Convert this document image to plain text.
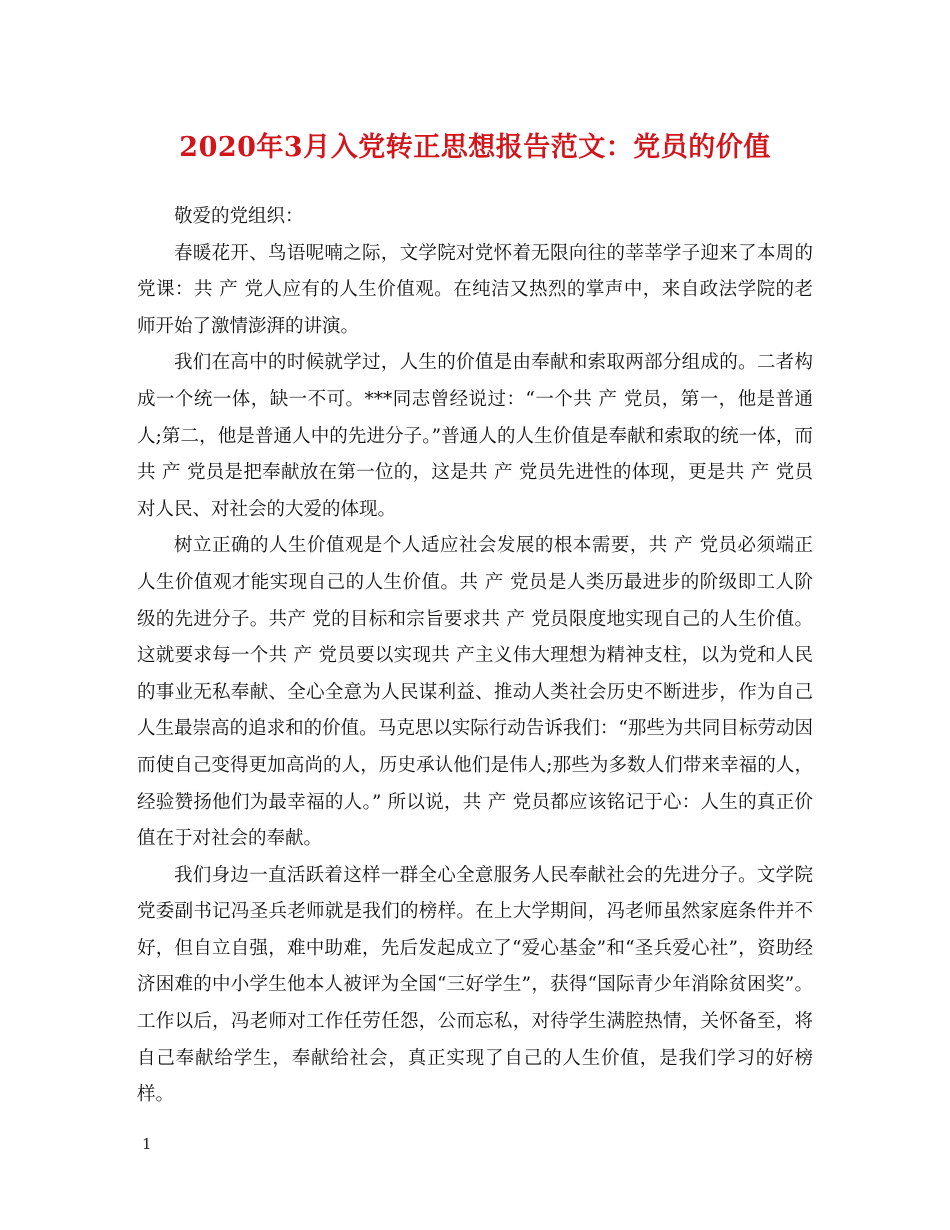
2020年3月入党转正思想报告范文：党员的价值

敬爱的党组织：

春暖花开、鸟语呢喃之际，文学院对党怀着无限向往的莘莘学子迎来了本周的党课：共 产 党人应有的人生价值观。在纯洁又热烈的掌声中，来自政法学院的老师开始了激情澎湃的讲演。

我们在高中的时候就学过，人生的价值是由奉献和索取两部分组成的。二者构成一个统一体，缺一不可。***同志曾经说过：“一个共 产 党员，第一，他是普通人;第二，他是普通人中的先进分子。”普通人的人生价值是奉献和索取的统一体，而共 产 党员是把奉献放在第一位的，这是共 产 党员先进性的体现，更是共 产 党员对人民、对社会的大爱的体现。

树立正确的人生价值观是个人适应社会发展的根本需要，共 产 党员必须端正人生价值观才能实现自己的人生价值。共 产 党员是人类历最进步的阶级即工人阶级的先进分子。共产 党的目标和宗旨要求共 产 党员限度地实现自己的人生价值。这就要求每一个共 产 党员要以实现共 产主义伟大理想为精神支柱，以为党和人民的事业无私奉献、全心全意为人民谋利益、推动人类社会历史不断进步，作为自己人生最崇高的追求和的价值。马克思以实际行动告诉我们：“那些为共同目标劳动因而使自己变得更加高尚的人，历史承认他们是伟人;那些为多数人们带来幸福的人，经验赞扬他们为最幸福的人。” 所以说，共 产 党员都应该铭记于心：人生的真正价值在于对社会的奉献。

我们身边一直活跃着这样一群全心全意服务人民奉献社会的先进分子。文学院党委副书记冯圣兵老师就是我们的榜样。在上大学期间，冯老师虽然家庭条件并不好，但自立自强，难中助难，先后发起成立了“爱心基金”和“圣兵爱心社”，资助经济困难的中小学生他本人被评为全国“三好学生”，获得“国际青少年消除贫困奖”。工作以后，冯老师对工作任劳任怨，公而忘私，对待学生满腔热情，关怀备至，将自己奉献给学生，奉献给社会，真正实现了自己的人生价值，是我们学习的好榜样。

1
